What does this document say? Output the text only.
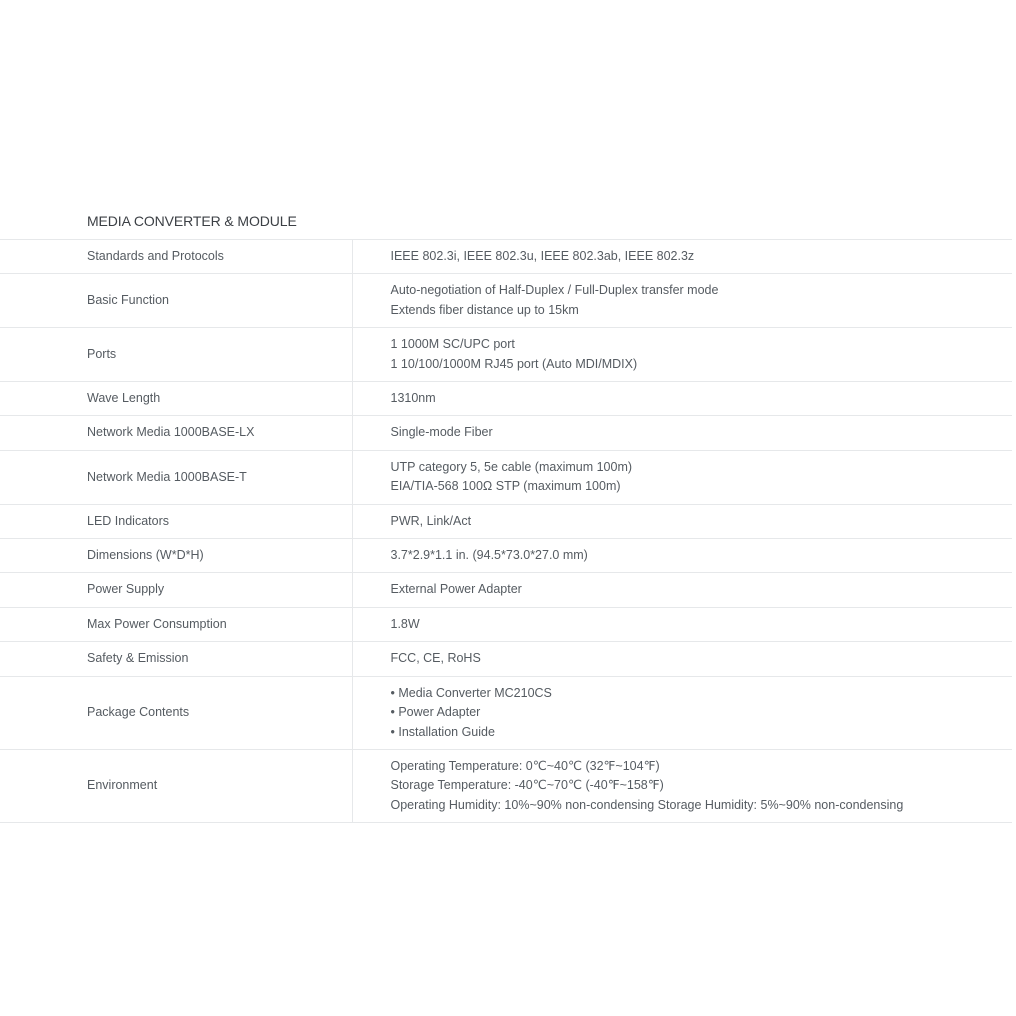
MEDIA CONVERTER & MODULE
Standards and Protocols	IEEE 802.3i, IEEE 802.3u, IEEE 802.3ab, IEEE 802.3z

Basic Function	Auto-negotiation of Half-Duplex / Full-Duplex transfer mode
Extends fiber distance up to 15km

Ports	1 1000M SC/UPC port
1 10/100/1000M RJ45 port (Auto MDI/MDIX)

Wave Length	1310nm

Network Media 1000BASE-LX	Single-mode Fiber

Network Media 1000BASE-T	UTP category 5, 5e cable (maximum 100m)
EIA/TIA-568 100Ω STP (maximum 100m)

LED Indicators	PWR, Link/Act

Dimensions (W*D*H)	3.7*2.9*1.1 in. (94.5*73.0*27.0 mm)

Power Supply	External Power Adapter

Max Power Consumption	1.8W

Safety & Emission	FCC, CE, RoHS

Package Contents	• Media Converter MC210CS
• Power Adapter
• Installation Guide

Environment	Operating Temperature: 0℃~40℃ (32℉~104℉)
Storage Temperature: -40℃~70℃ (-40℉~158℉)
Operating Humidity: 10%~90% non-condensing Storage Humidity: 5%~90% non-condensing
